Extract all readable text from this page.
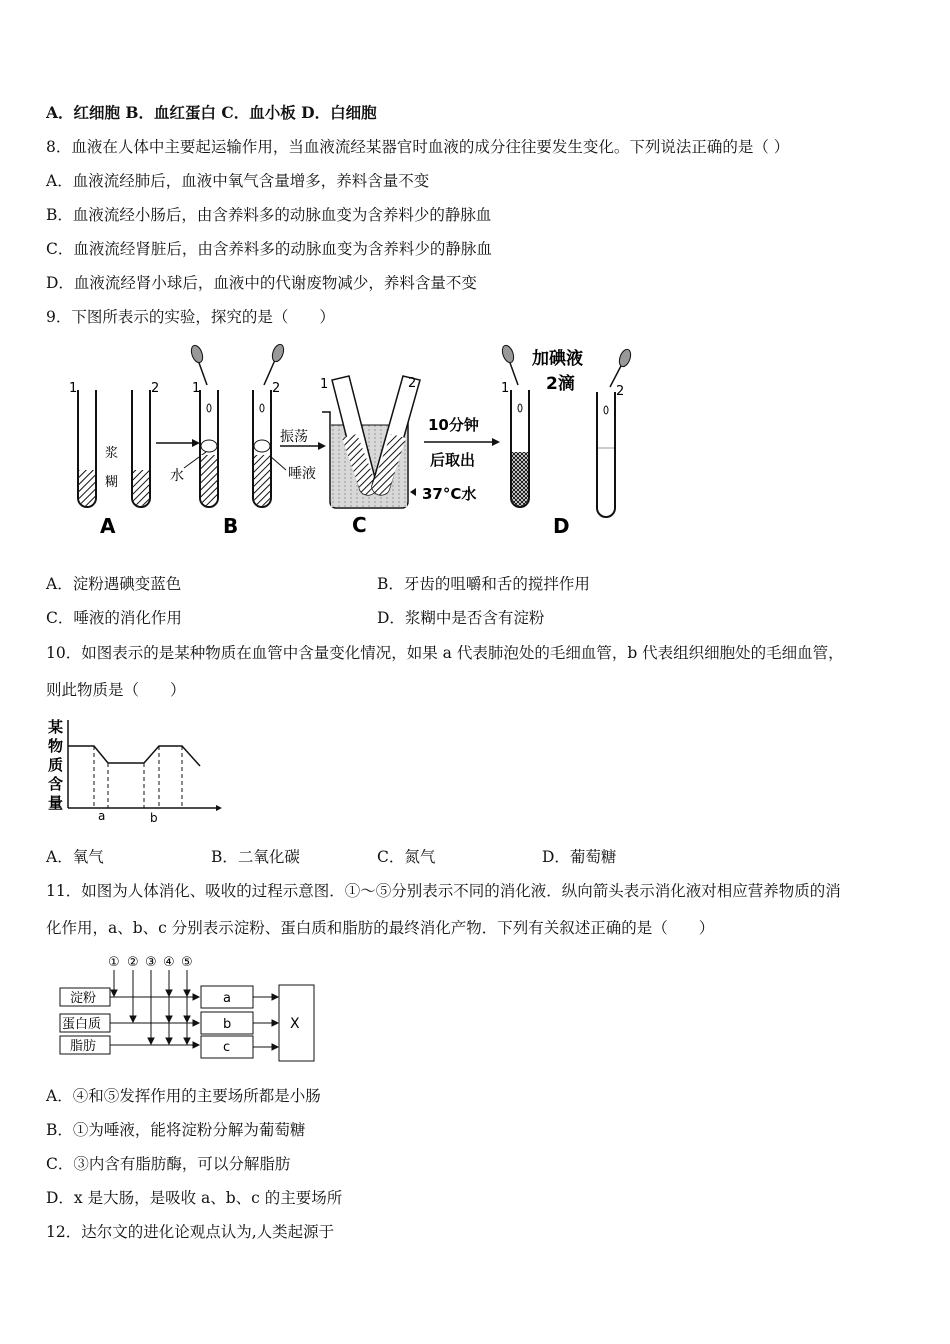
A．红细胞 B．血红蛋白 C．血小板 D．白细胞
8．血液在人体中主要起运输作用，当血液流经某器官时血液的成分往往要发生变化。下列说法正确的是（ ）
A．血液流经肺后，血液中氧气含量增多，养料含量不变
B．血液流经小肠后，由含养料多的动脉血变为含养料少的静脉血
C．血液流经肾脏后，由含养料多的动脉血变为含养料少的静脉血
D．血液流经肾小球后，血液中的代谢废物减少，养料含量不变
9．下图所表示的实验，探究的是（　　）
1	2
浆
糊
A
水
1	2
B
振荡
唾液
1	2
C
10分钟
后取出
37°C水
1	2
加碘液
2滴
D
A．淀粉遇碘变蓝色	B．牙齿的咀嚼和舌的搅拌作用
C．唾液的消化作用	D．浆糊中是否含有淀粉
10．如图表示的是某种物质在血管中含量变化情况，如果 a 代表肺泡处的毛细血管，b 代表组织细胞处的毛细血管，
则此物质是（　　）
某
物
质
含
量
a	b
A．氧气	B．二氧化碳	C．氮气	D．葡萄糖
11．如图为人体消化、吸收的过程示意图．①～⑤分别表示不同的消化液．纵向箭头表示消化液对相应营养物质的消
化作用，a、b、c 分别表示淀粉、蛋白质和脂肪的最终消化产物．下列有关叙述正确的是（　　）
① ② ③ ④ ⑤
淀粉
蛋白质
脂肪
a
b
c
X
A．④和⑤发挥作用的主要场所都是小肠
B．①为唾液，能将淀粉分解为葡萄糖
C．③内含有脂肪酶，可以分解脂肪
D．x 是大肠，是吸收 a、b、c 的主要场所
12．达尔文的进化论观点认为,人类起源于
